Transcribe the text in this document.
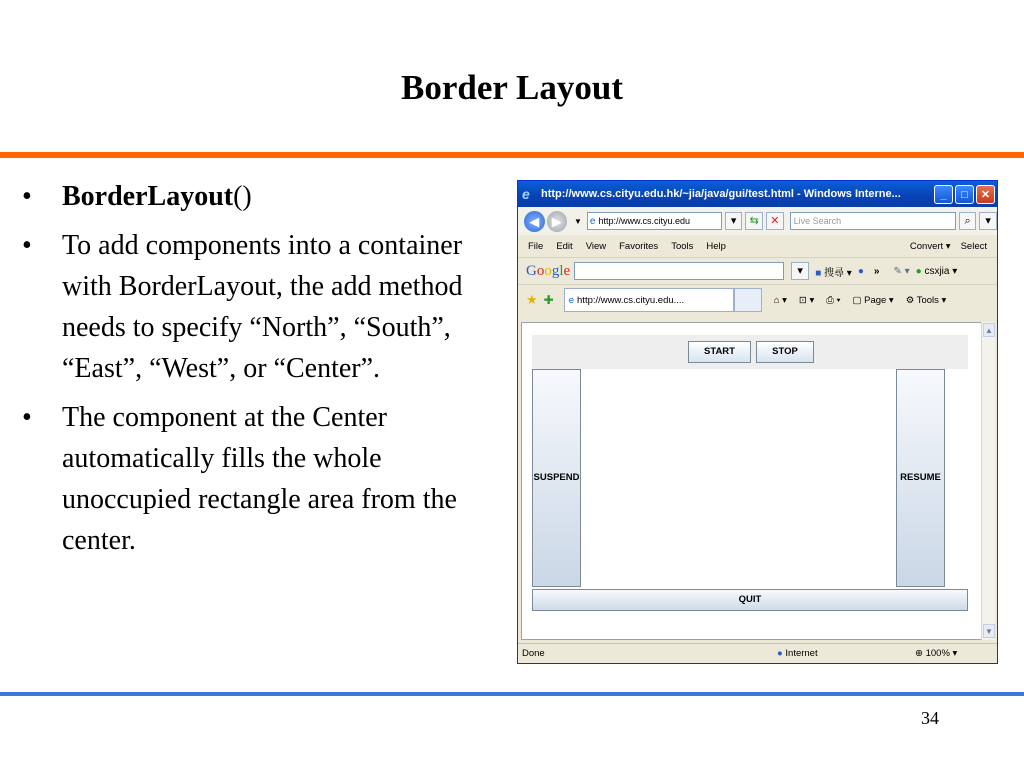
Border Layout
•	BorderLayout()
•	To add components into a container with BorderLayout, the add method needs to specify “North”, “South”, “East”, “West”, or “Center”.
•	The component at the Center automatically fills the whole unoccupied rectangle area from the center.
e	http://www.cs.cityu.edu.hk/~jia/java/gui/test.html - Windows Interne...	_	□	✕
◀ ▶	▼ e http://www.cs.cityu.edu	▾	⇆	✕	Live Search	⌕	▾
File Edit View Favorites Tools Help	Convert ▾ Select
Google	▾	■ 搜尋 ▾ ● » ✎ ▾ ● csxjia ▾
★ ✚ e http://www.cs.cityu.edu....	⌂ ▾ ⊡ ▾ ⎙ ▾ ▢ Page ▾ ⚙ Tools ▾
START	STOP
SUSPEND	RESUME
QUIT
▲
▼
Done	● Internet	⊕ 100% ▾
34
